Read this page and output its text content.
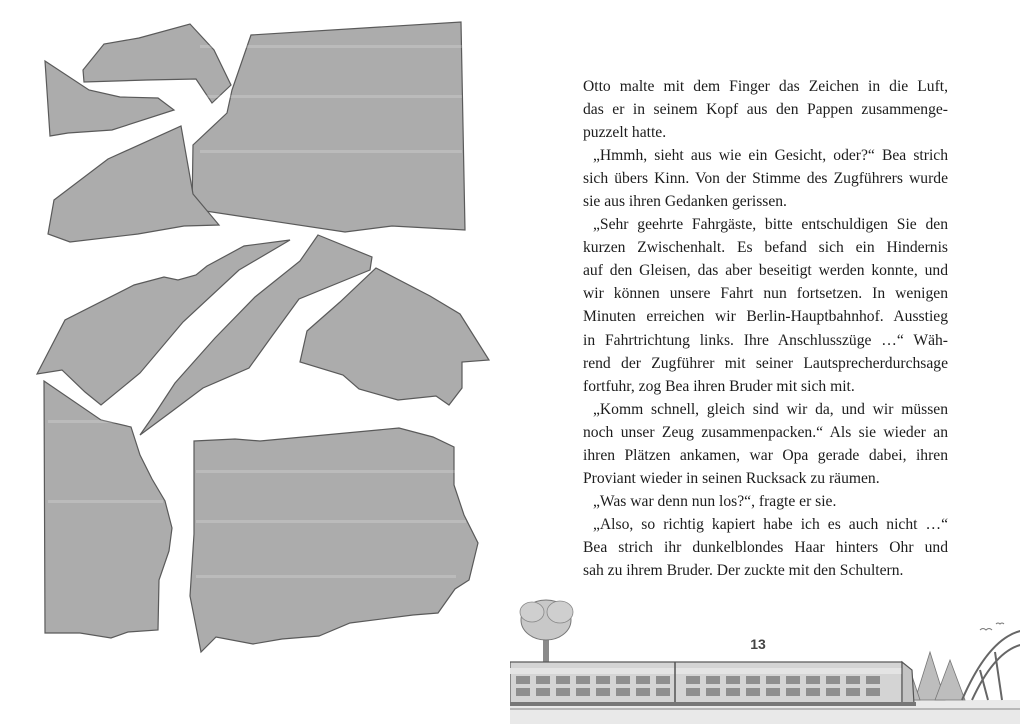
Otto malte mit dem Finger das Zeichen in die Luft,
das er in seinem Kopf aus den Pappen zusammenge-
puzzelt hatte.
„Hmmh, sieht aus wie ein Gesicht, oder?“ Bea strich
sich übers Kinn. Von der Stimme des Zugführers wurde
sie aus ihren Gedanken gerissen.
„Sehr geehrte Fahrgäste, bitte entschuldigen Sie den
kurzen Zwischenhalt. Es befand sich ein Hindernis
auf den Gleisen, das aber beseitigt werden konnte, und
wir können unsere Fahrt nun fortsetzen. In wenigen
Minuten erreichen wir Berlin-Hauptbahnhof. Ausstieg
in Fahrtrichtung links. Ihre Anschlusszüge …“ Wäh-
rend der Zugführer mit seiner Lautsprecherdurchsage
fortfuhr, zog Bea ihren Bruder mit sich mit.
„Komm schnell, gleich sind wir da, und wir müssen
noch unser Zeug zusammenpacken.“ Als sie wieder an
ihren Plätzen ankamen, war Opa gerade dabei, ihren
Proviant wieder in seinen Rucksack zu räumen.
„Was war denn nun los?“, fragte er sie.
„Also, so richtig kapiert habe ich es auch nicht …“
Bea strich ihr dunkelblondes Haar hinters Ohr und
sah zu ihrem Bruder. Der zuckte mit den Schultern.
13
